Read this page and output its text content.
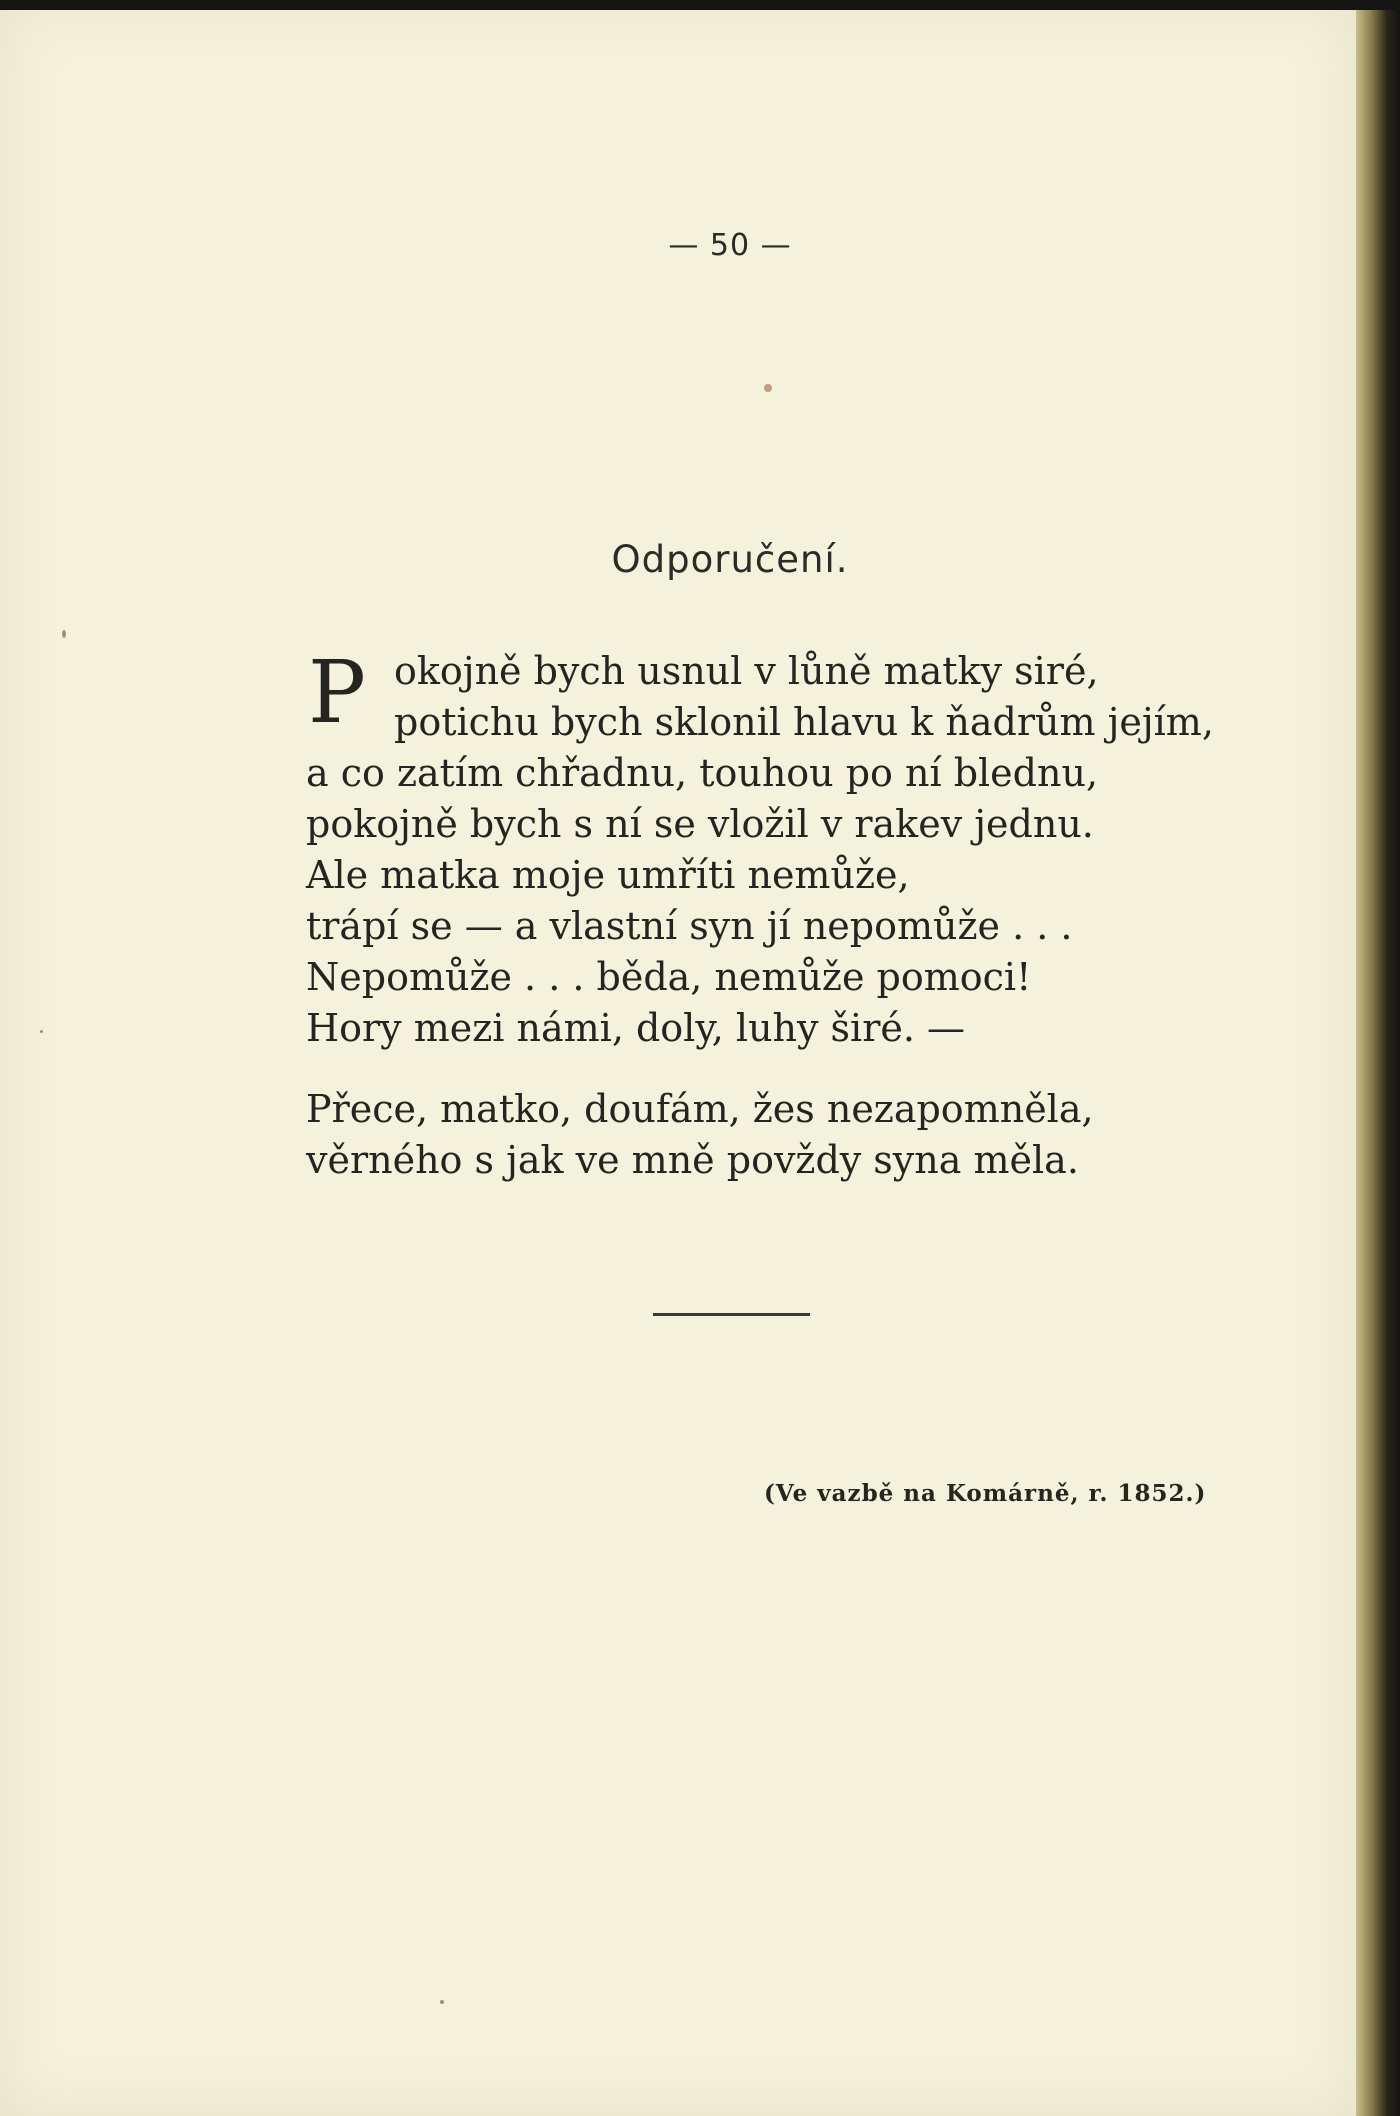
— 50 —
Odporučení.
P okojně bych usnul v lůně matky siré,
potichu bych sklonil hlavu k ňadrům jejím,
a co zatím chřadnu, touhou po ní blednu,
pokojně bych s ní se vložil v rakev jednu.
Ale matka moje umříti nemůže,
trápí se — a vlastní syn jí nepomůže . . .
Nepomůže . . . běda, nemůže pomoci!
Hory mezi námi, doly, luhy širé. —
Přece, matko, doufám, žes nezapomněla,
věrného s jak ve mně povždy syna měla.
(Ve vazbě na Komárně, r. 1852.)
